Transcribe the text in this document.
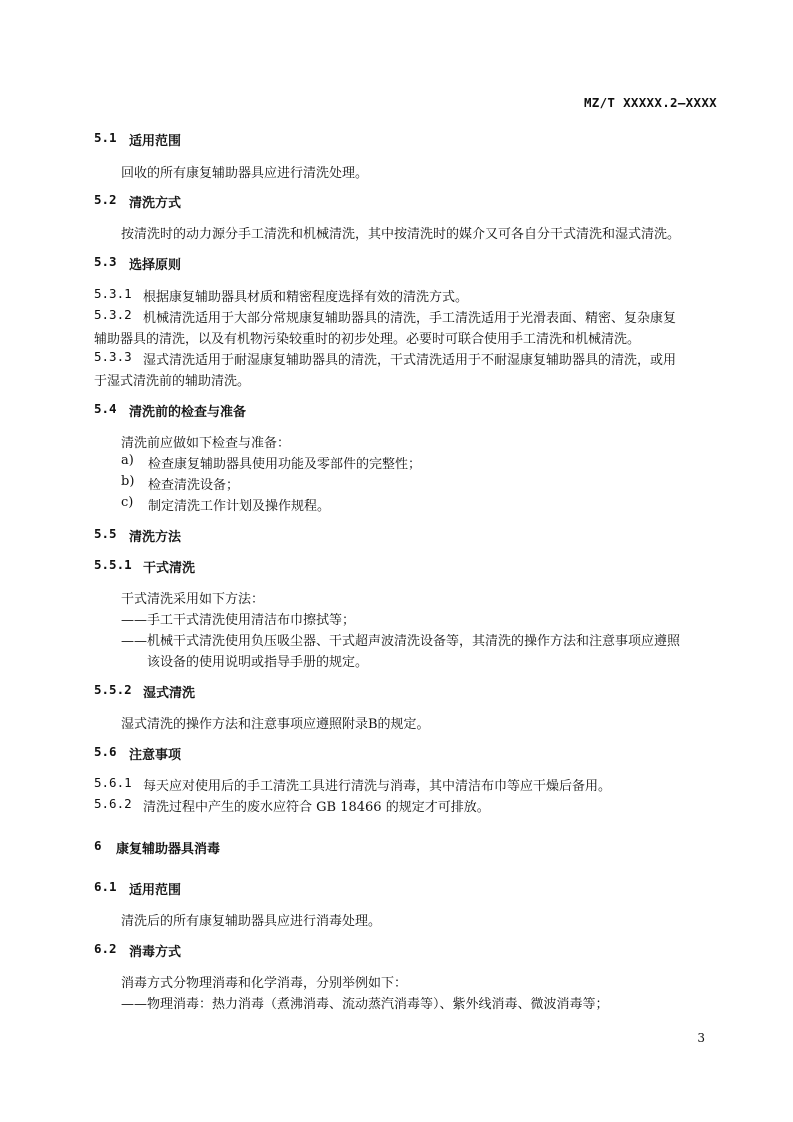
MZ/T XXXXX.2—XXXX
5.1 适用范围
回收的所有康复辅助器具应进行清洗处理。
5.2 清洗方式
按清洗时的动力源分手工清洗和机械清洗，其中按清洗时的媒介又可各自分干式清洗和湿式清洗。
5.3 选择原则
5.3.1 根据康复辅助器具材质和精密程度选择有效的清洗方式。
5.3.2 机械清洗适用于大部分常规康复辅助器具的清洗，手工清洗适用于光滑表面、精密、复杂康复
辅助器具的清洗，以及有机物污染较重时的初步处理。必要时可联合使用手工清洗和机械清洗。
5.3.3 湿式清洗适用于耐湿康复辅助器具的清洗，干式清洗适用于不耐湿康复辅助器具的清洗，或用
于湿式清洗前的辅助清洗。
5.4 清洗前的检查与准备
清洗前应做如下检查与准备：
a) 检查康复辅助器具使用功能及零部件的完整性；
b) 检查清洗设备；
c) 制定清洗工作计划及操作规程。
5.5 清洗方法
5.5.1 干式清洗
干式清洗采用如下方法：
——手工干式清洗使用清洁布巾擦拭等；
——机械干式清洗使用负压吸尘器、干式超声波清洗设备等，其清洗的操作方法和注意事项应遵照
该设备的使用说明或指导手册的规定。
5.5.2 湿式清洗
湿式清洗的操作方法和注意事项应遵照附录B的规定。
5.6 注意事项
5.6.1 每天应对使用后的手工清洗工具进行清洗与消毒，其中清洁布巾等应干燥后备用。
5.6.2 清洗过程中产生的废水应符合 GB 18466 的规定才可排放。
6 康复辅助器具消毒
6.1 适用范围
清洗后的所有康复辅助器具应进行消毒处理。
6.2 消毒方式
消毒方式分物理消毒和化学消毒，分别举例如下：
——物理消毒：热力消毒（煮沸消毒、流动蒸汽消毒等）、紫外线消毒、微波消毒等；
3
